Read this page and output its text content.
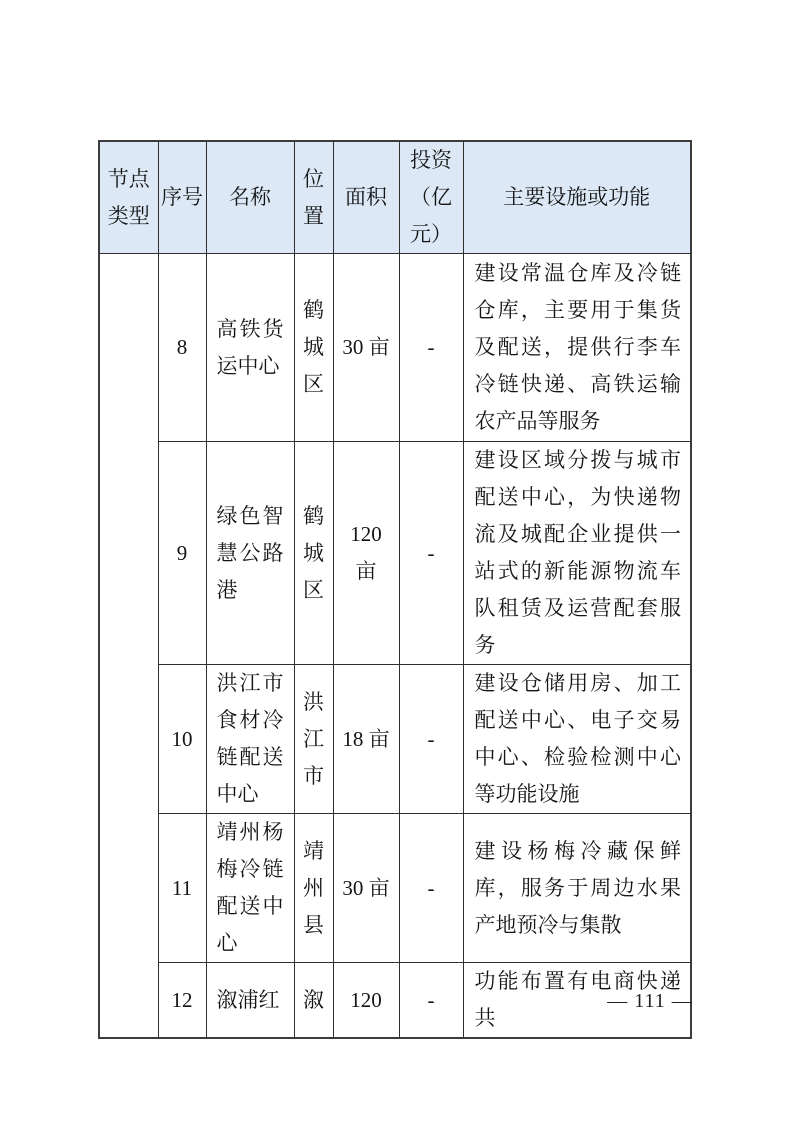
节点类型	序号	名称	位置	面积	投资（亿元）	主要设施或功能
	8	高铁货运中心	鹤城区	30 亩	-	建设常温仓库及冷链仓库，主要用于集货及配送，提供行李车冷链快递、高铁运输农产品等服务
	9	绿色智慧公路港	鹤城区	120 亩	-	建设区域分拨与城市配送中心，为快递物流及城配企业提供一站式的新能源物流车队租赁及运营配套服务
	10	洪江市食材冷链配送中心	洪江市	18 亩	-	建设仓储用房、加工配送中心、电子交易中心、检验检测中心等功能设施
	11	靖州杨梅冷链配送中心	靖州县	30 亩	-	建设杨梅冷藏保鲜库，服务于周边水果产地预冷与集散
	12	溆浦红	溆	120	-	功能布置有电商快递共
— 111 —
